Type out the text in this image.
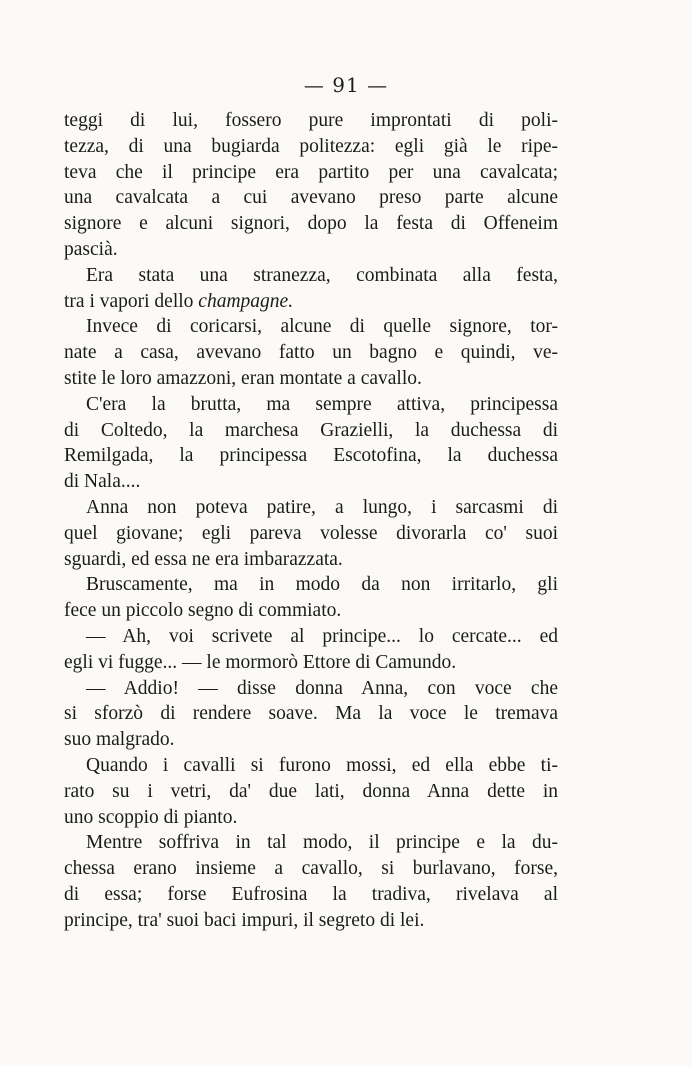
— 91 —
teggi di lui, fossero pure improntati di poli-
tezza, di una bugiarda politezza: egli già le ripe-
teva che il principe era partito per una cavalcata;
una cavalcata a cui avevano preso parte alcune
signore e alcuni signori, dopo la festa di Offeneim
pascià.
Era stata una stranezza, combinata alla festa,
tra i vapori dello champagne.
Invece di coricarsi, alcune di quelle signore, tor-
nate a casa, avevano fatto un bagno e quindi, ve-
stite le loro amazzoni, eran montate a cavallo.
C'era la brutta, ma sempre attiva, principessa
di Coltedo, la marchesa Grazielli, la duchessa di
Remilgada, la principessa Escotofina, la duchessa
di Nala....
Anna non poteva patire, a lungo, i sarcasmi di
quel giovane; egli pareva volesse divorarla co' suoi
sguardi, ed essa ne era imbarazzata.
Bruscamente, ma in modo da non irritarlo, gli
fece un piccolo segno di commiato.
— Ah, voi scrivete al principe... lo cercate... ed
egli vi fugge... — le mormorò Ettore di Camundo.
— Addio! — disse donna Anna, con voce che
si sforzò di rendere soave. Ma la voce le tremava
suo malgrado.
Quando i cavalli si furono mossi, ed ella ebbe ti-
rato su i vetri, da' due lati, donna Anna dette in
uno scoppio di pianto.
Mentre soffriva in tal modo, il principe e la du-
chessa erano insieme a cavallo, si burlavano, forse,
di essa; forse Eufrosina la tradiva, rivelava al
principe, tra' suoi baci impuri, il segreto di lei.
